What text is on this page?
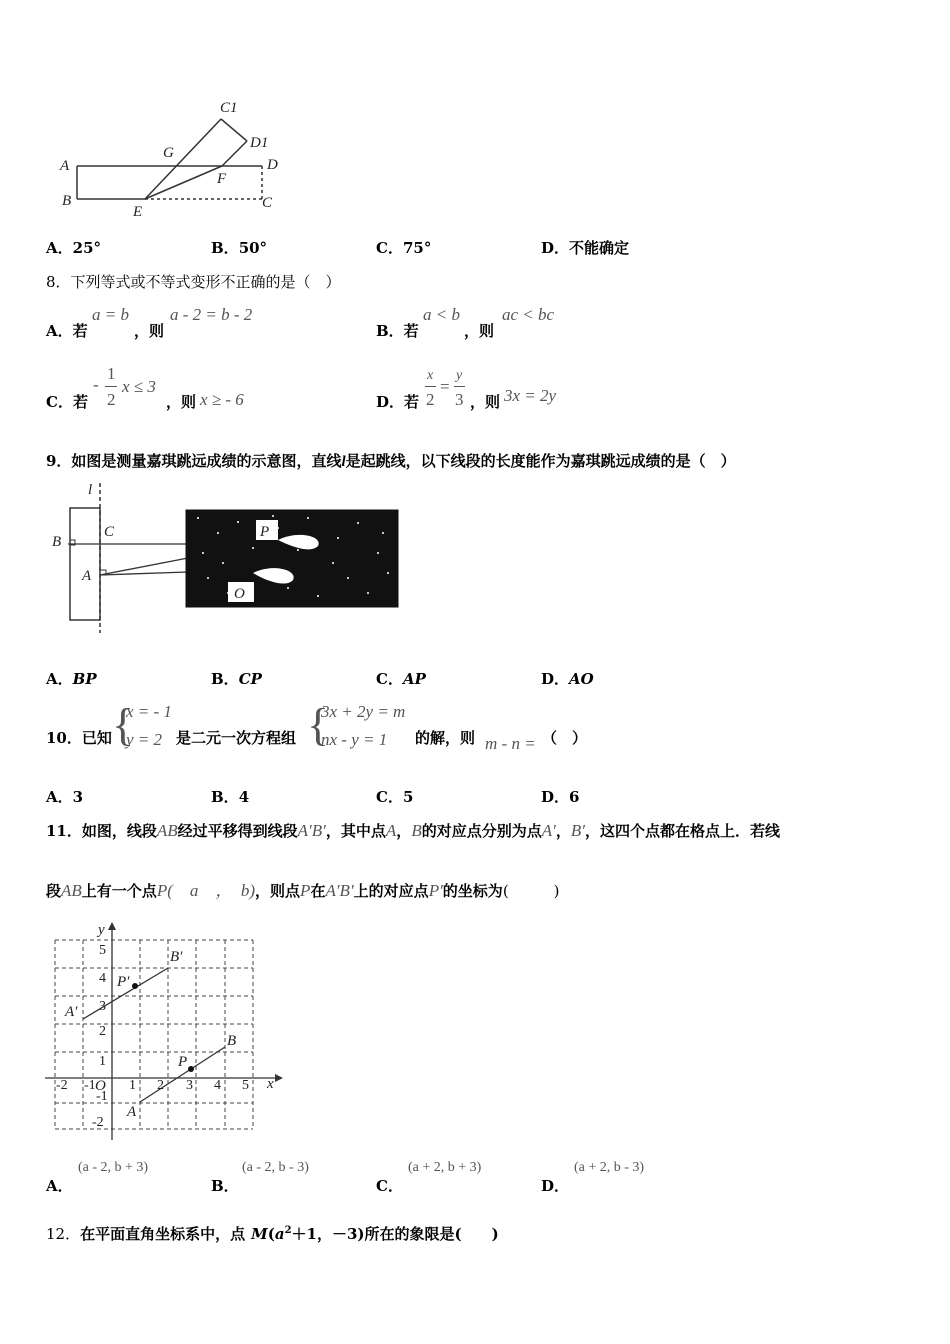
C1
D1
A
G
D
F
B
E
C
A．25°	B．50°	C．75°	D．不能确定
8．下列等式或不等式变形不正确的是（　）
A．若
a = b
，则
a - 2 = b - 2
B．若
a < b
，则
ac < bc
C．若
-
1
2
x ≤ 3
，则 x ≥ - 6	D．若
x
2
=
y
3 ，则 3x = 2y
9．如图是测量嘉琪跳远成绩的示意图，直线l是起跳线，以下线段的长度能作为嘉琪跳远成绩的是（　）
l
B
C
A
P
O
A．BP	B．CP	C．AP	D．AO
10．已知 {
x = - 1
y = 2 是二元一次方程组 {
3x + 2y = m
nx - y = 1 的解，则 m - n = （　）
A．3	B．4	C．5	D．6
11．如图，线段AB经过平移得到线段A′B′，其中点A，B的对应点分别为点A′，B′，这四个点都在格点上．若线
段AB上有一个点P(　a　，　b)，则点P在A′B′上的对应点P′的坐标为(　　　)
x
y
O
-2 -1 1 2 3 4 5
5
4
3
2
1
-1
-2
A
B
P
A′
B′
P′
A．
(a - 2, b + 3)
B．
(a - 2, b - 3)
C．
(a + 2, b + 3)
D．
(a + 2, b - 3)
12．在平面直角坐标系中，点 $M(a^2+1$，－3)所在的象限是(　　)
